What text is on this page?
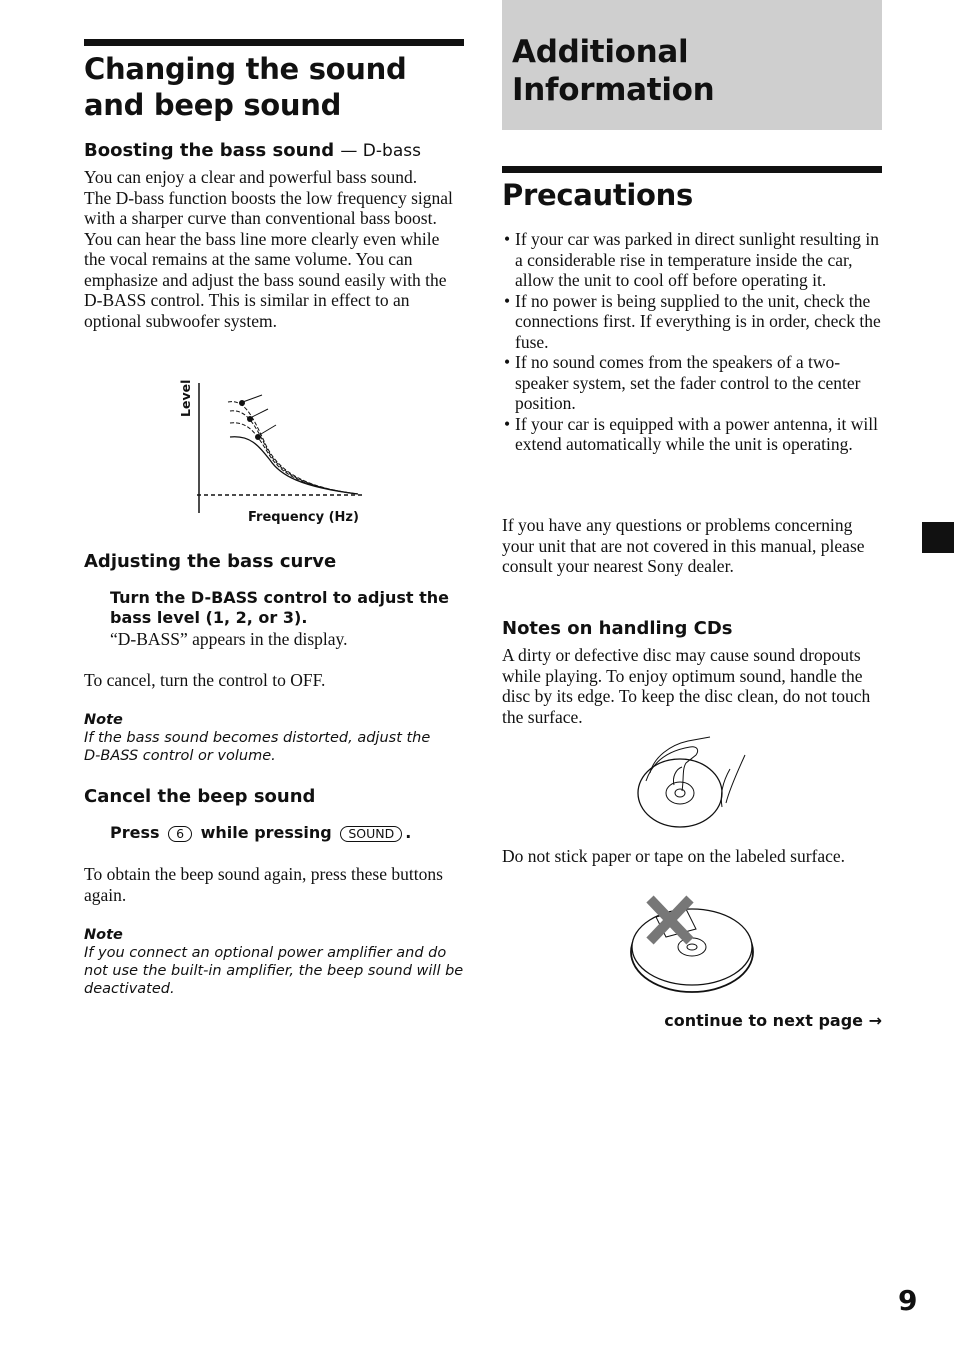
Changing the sound and beep sound
Boosting the bass sound — D-bass

You can enjoy a clear and powerful bass sound.

The D-bass function boosts the low frequency signal with a sharper curve than conventional bass boost.

You can hear the bass line more clearly even while the vocal remains at the same volume. You can emphasize and adjust the bass sound easily with the D-BASS control. This is similar in effect to an optional subwoofer system.

Level
Frequency (Hz)
Adjusting the bass curve

Turn the D-BASS control to adjust the bass level (1, 2, or 3).

“D-BASS” appears in the display.

To cancel, turn the control to OFF.

Note

If the bass sound becomes distorted, adjust the D-BASS control or volume.

Cancel the beep sound

Press 6 while pressing SOUND .

To obtain the beep sound again, press these buttons again.

Note

If you connect an optional power amplifier and do not use the built-in amplifier, the beep sound will be deactivated.

Additional Information
Precautions
• If your car was parked in direct sunlight resulting in a considerable rise in temperature inside the car, allow the unit to cool off before operating it.
• If no power is being supplied to the unit, check the connections first. If everything is in order, check the fuse.
• If no sound comes from the speakers of a two-speaker system, set the fader control to the center position.
• If your car is equipped with a power antenna, it will extend automatically while the unit is operating.

If you have any questions or problems concerning your unit that are not covered in this manual, please consult your nearest Sony dealer.

Notes on handling CDs

A dirty or defective disc may cause sound dropouts while playing. To enjoy optimum sound, handle the disc by its edge. To keep the disc clean, do not touch the surface.

Do not stick paper or tape on the labeled surface.

continue to next page →

9
